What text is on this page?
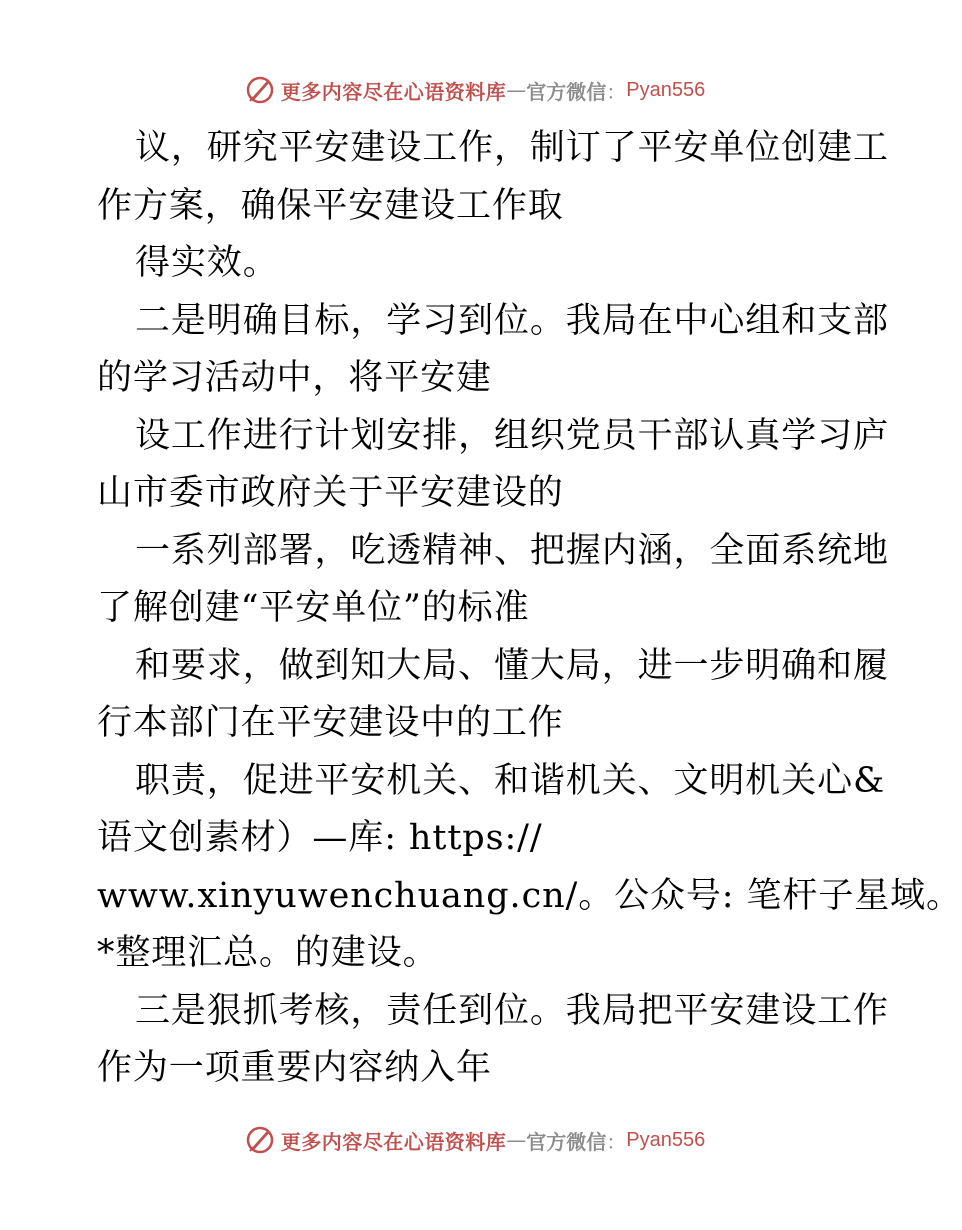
更多内容尽在心语资料库 — 官方微信 ： Pyan556
议，研究平安建设工作，制订了平安单位创建工
作方案，确保平安建设工作取
得实效。
二是明确目标，学习到位。我局在中心组和支部
的学习活动中，将平安建
设工作进行计划安排，组织党员干部认真学习庐
山市委市政府关于平安建设的
一系列部署，吃透精神、把握内涵，全面系统地
了解创建“平安单位”的标准
和要求，做到知大局、懂大局，进一步明确和履
行本部门在平安建设中的工作
职责，促进平安机关、和谐机关、文明机关心&
语文创素材）—库: https://
www.xinyuwenchuang.cn/。公众号: 笔杆子星域。
*整理汇总。的建设。
三是狠抓考核，责任到位。我局把平安建设工作
作为一项重要内容纳入年
更多内容尽在心语资料库 — 官方微信 ： Pyan556
